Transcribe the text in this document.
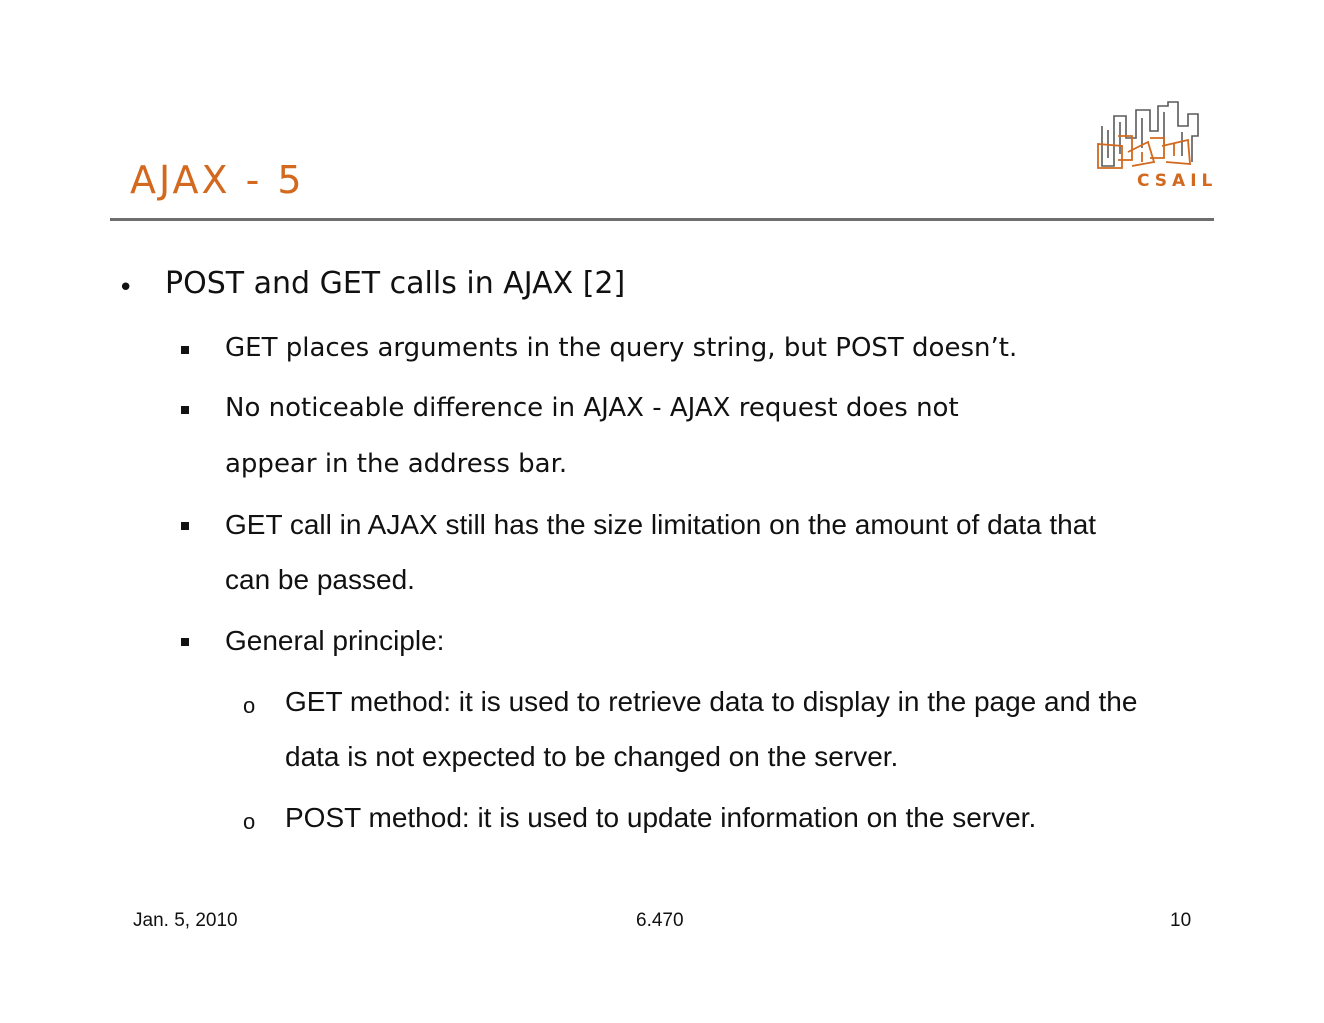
AJAX - 5	CSAIL
• POST and GET calls in AJAX [2]
GET places arguments in the query string, but POST doesn’t.
No noticeable difference in AJAX - AJAX request does not
appear in the address bar.
GET call in AJAX still has the size limitation on the amount of data that
can be passed.
General principle:
o GET method: it is used to retrieve data to display in the page and the
data is not expected to be changed on the server.
o POST method: it is used to update information on the server.
Jan. 5, 2010	6.470	10
